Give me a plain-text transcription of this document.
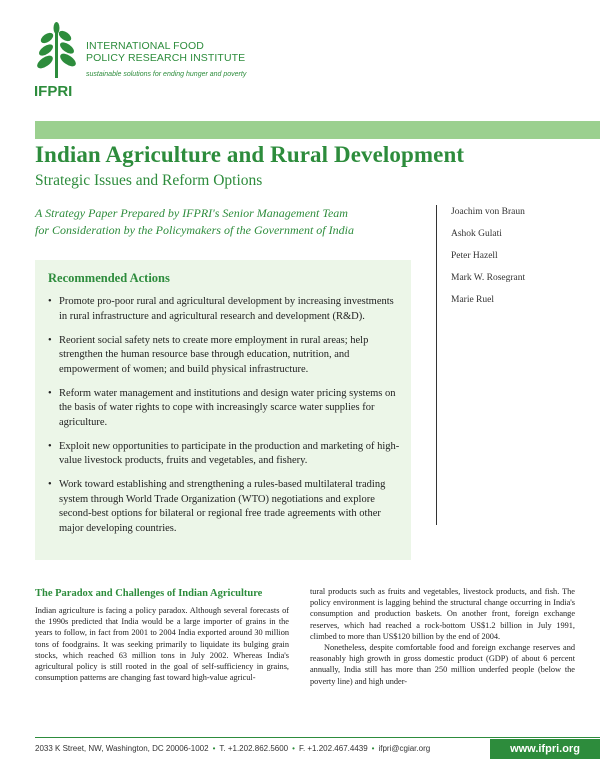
IFPRI
INTERNATIONAL FOOD
POLICY RESEARCH INSTITUTE
sustainable solutions for ending hunger and poverty
Indian Agriculture and Rural Development
Strategic Issues and Reform Options
A Strategy Paper Prepared by IFPRI's Senior Management Team
for Consideration by the Policymakers of the Government of India
Joachim von Braun
Ashok Gulati
Peter Hazell
Mark W. Rosegrant
Marie Ruel
Recommended Actions
• Promote pro-poor rural and agricultural development by increasing investments in rural infrastructure and agricultural research and development (R&D).
• Reorient social safety nets to create more employment in rural areas; help strengthen the human resource base through education, nutrition, and empowerment of women; and build physical infrastructure.
• Reform water management and institutions and design water pricing systems on the basis of water rights to cope with increasingly scarce water supplies for agriculture.
• Exploit new opportunities to participate in the production and marketing of high-value livestock products, fruits and vegetables, and fishery.
• Work toward establishing and strengthening a rules-based multilateral trading system through World Trade Organization (WTO) negotiations and explore second-best options for bilateral or regional free trade agreements with other major developing countries.
The Paradox and Challenges of Indian Agriculture

Indian agriculture is facing a policy paradox. Although several forecasts of the 1990s predicted that India would be a large importer of grains in the years to follow, in fact from 2001 to 2004 India exported around 30 million tons of foodgrains. It was seeking primarily to liquidate its bulging grain stocks, which reached 63 million tons in July 2002. Whereas India's agricultural policy is still rooted in the goal of self-sufficiency in grains, consumption patterns are changing fast toward high-value agricul-

tural products such as fruits and vegetables, livestock products, and fish. The policy environment is lagging behind the structural change occurring in India's consumption and production baskets. On another front, foreign exchange reserves, which had reached a rock-bottom US$1.2 billion in July 1991, climbed to more than US$120 billion by the end of 2004.

Nonetheless, despite comfortable food and foreign exchange reserves and reasonably high growth in gross domestic product (GDP) of about 6 percent annually, India still has more than 250 million underfed people (below the poverty line) and high under-

2033 K Street, NW, Washington, DC 20006-1002 • T. +1.202.862.5600 • F. +1.202.467.4439 • ifpri@cgiar.org	www.ifpri.org
